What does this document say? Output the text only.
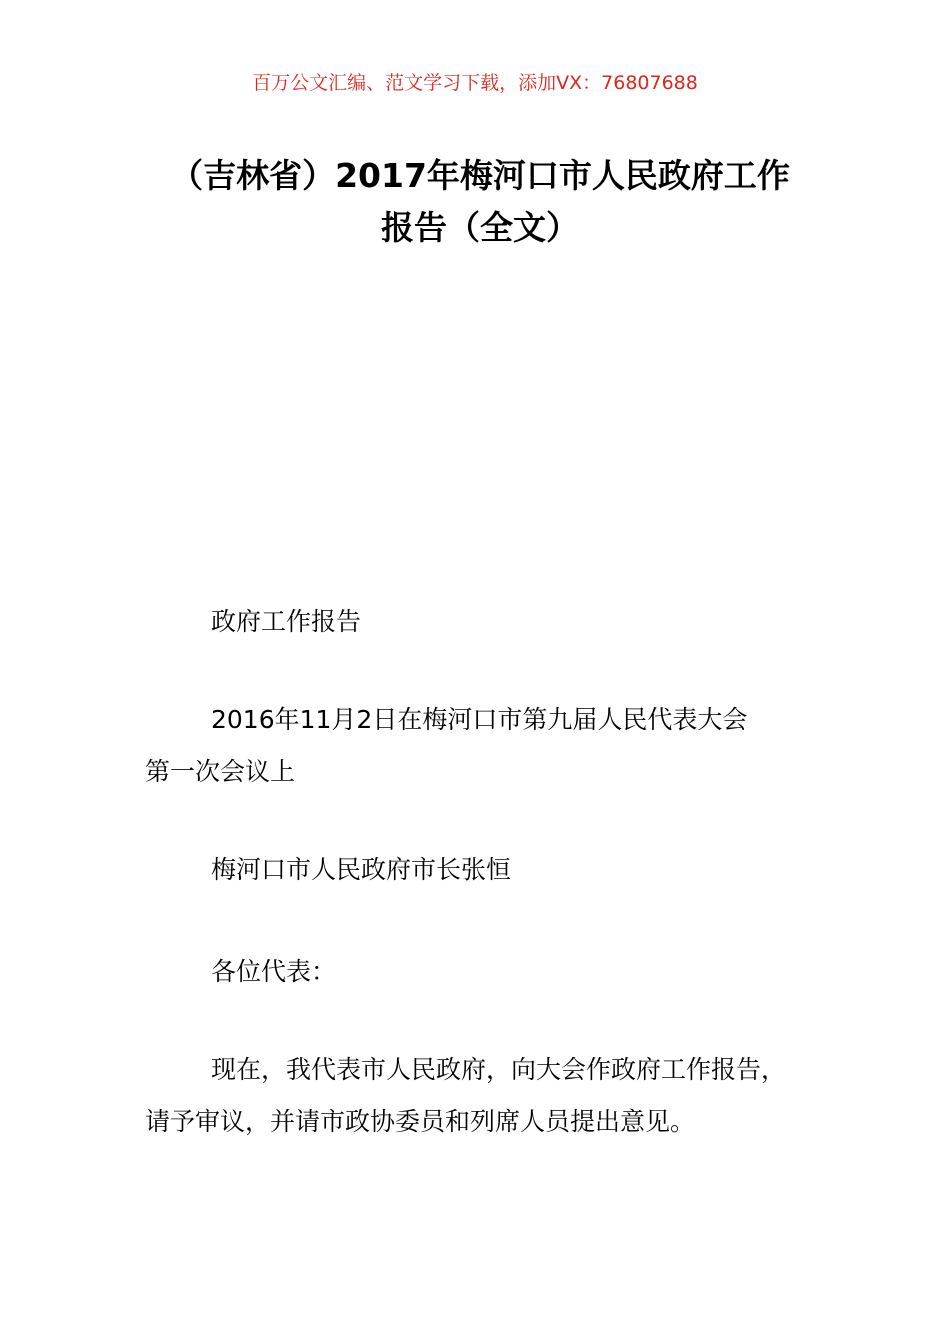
百万公文汇编、范文学习下载，添加VX：76807688
（吉林省）2017年梅河口市人民政府工作
报告（全文）
政府工作报告
2016年11月2日在梅河口市第九届人民代表大会
第一次会议上
梅河口市人民政府市长张恒
各位代表：
现在，我代表市人民政府，向大会作政府工作报告，
请予审议，并请市政协委员和列席人员提出意见。
